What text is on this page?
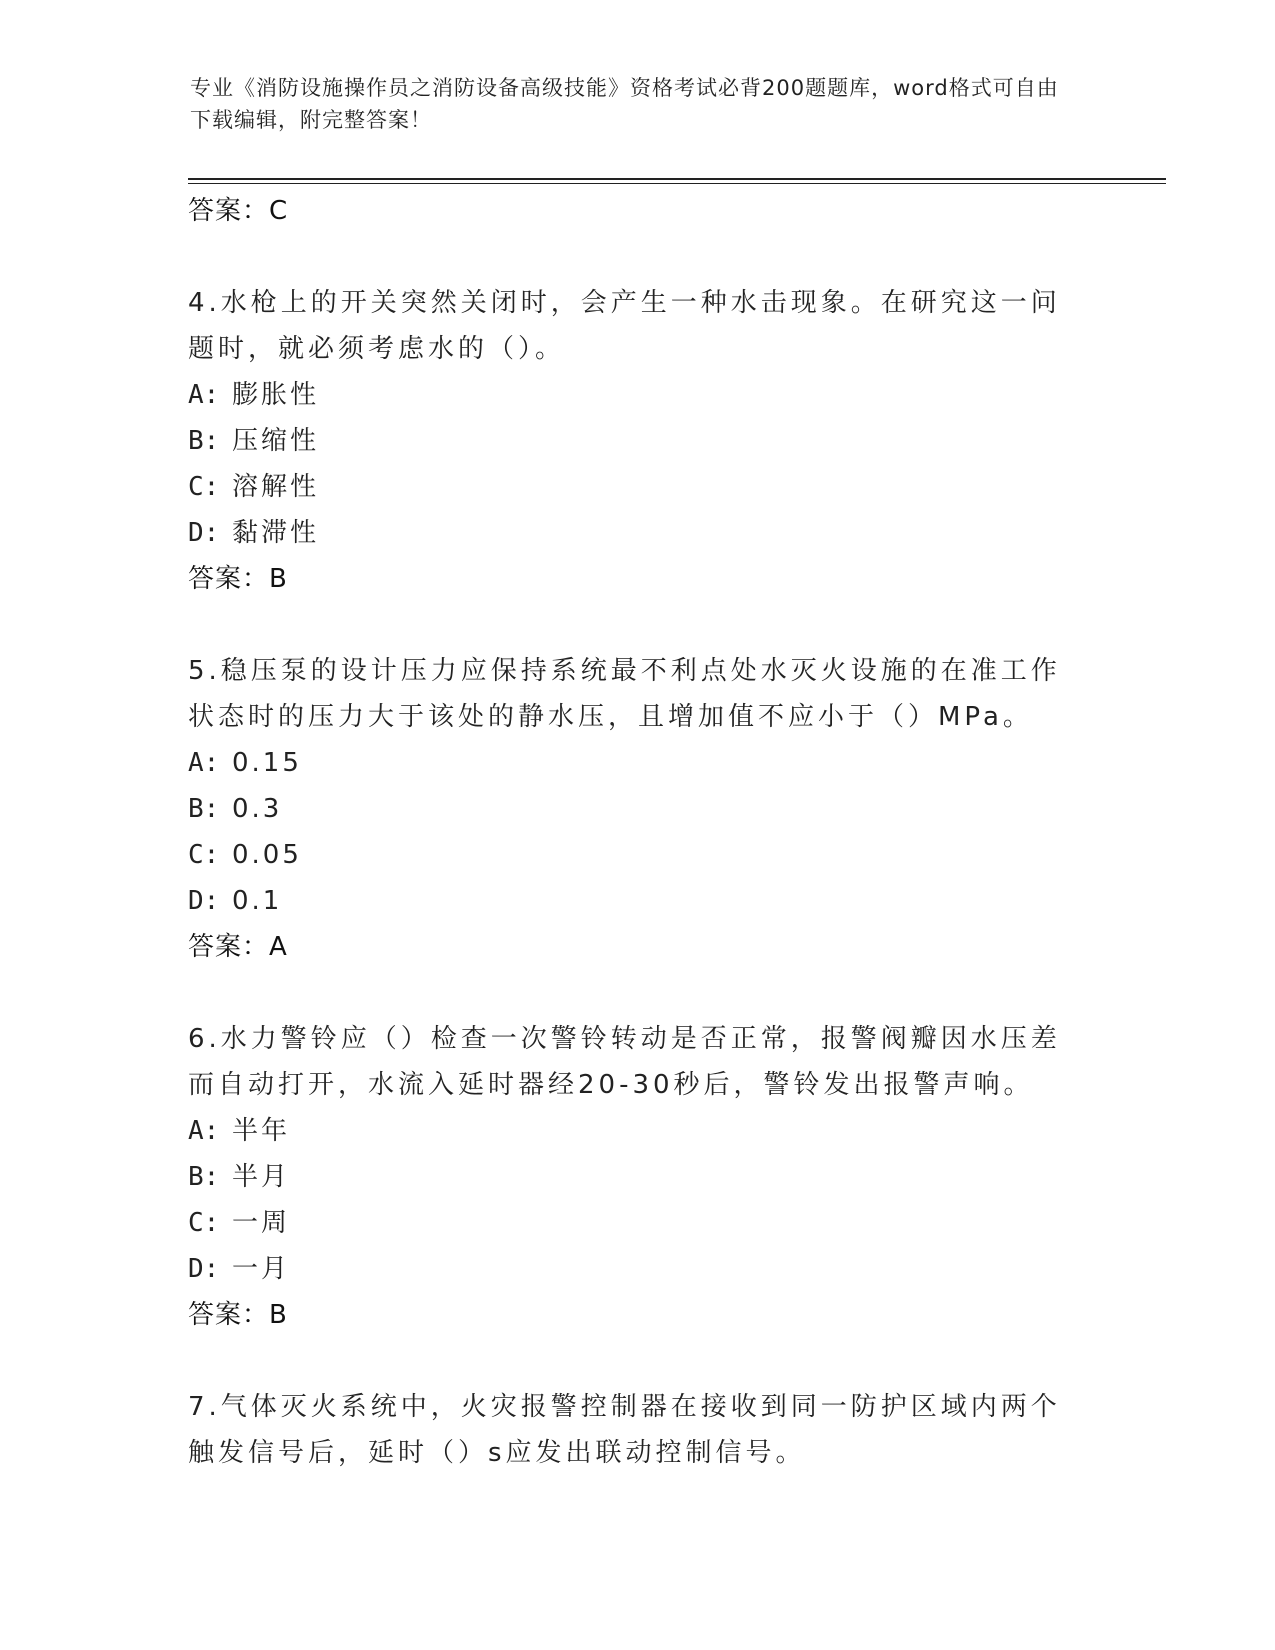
专业《消防设施操作员之消防设备高级技能》资格考试必背200题题库，word格式可自由下载编辑，附完整答案！
答案：C
4.水枪上的开关突然关闭时，会产生一种水击现象。在研究这一问题时，就必须考虑水的（）。
A: 膨胀性
B: 压缩性
C: 溶解性
D: 黏滞性
答案：B
5.稳压泵的设计压力应保持系统最不利点处水灭火设施的在准工作状态时的压力大于该处的静水压，且增加值不应小于（）MPa。
A: 0.15
B: 0.3
C: 0.05
D: 0.1
答案：A
6.水力警铃应（）检查一次警铃转动是否正常，报警阀瓣因水压差而自动打开，水流入延时器经20-30秒后，警铃发出报警声响。
A: 半年
B: 半月
C: 一周
D: 一月
答案：B
7.气体灭火系统中，火灾报警控制器在接收到同一防护区域内两个触发信号后，延时（）s应发出联动控制信号。
